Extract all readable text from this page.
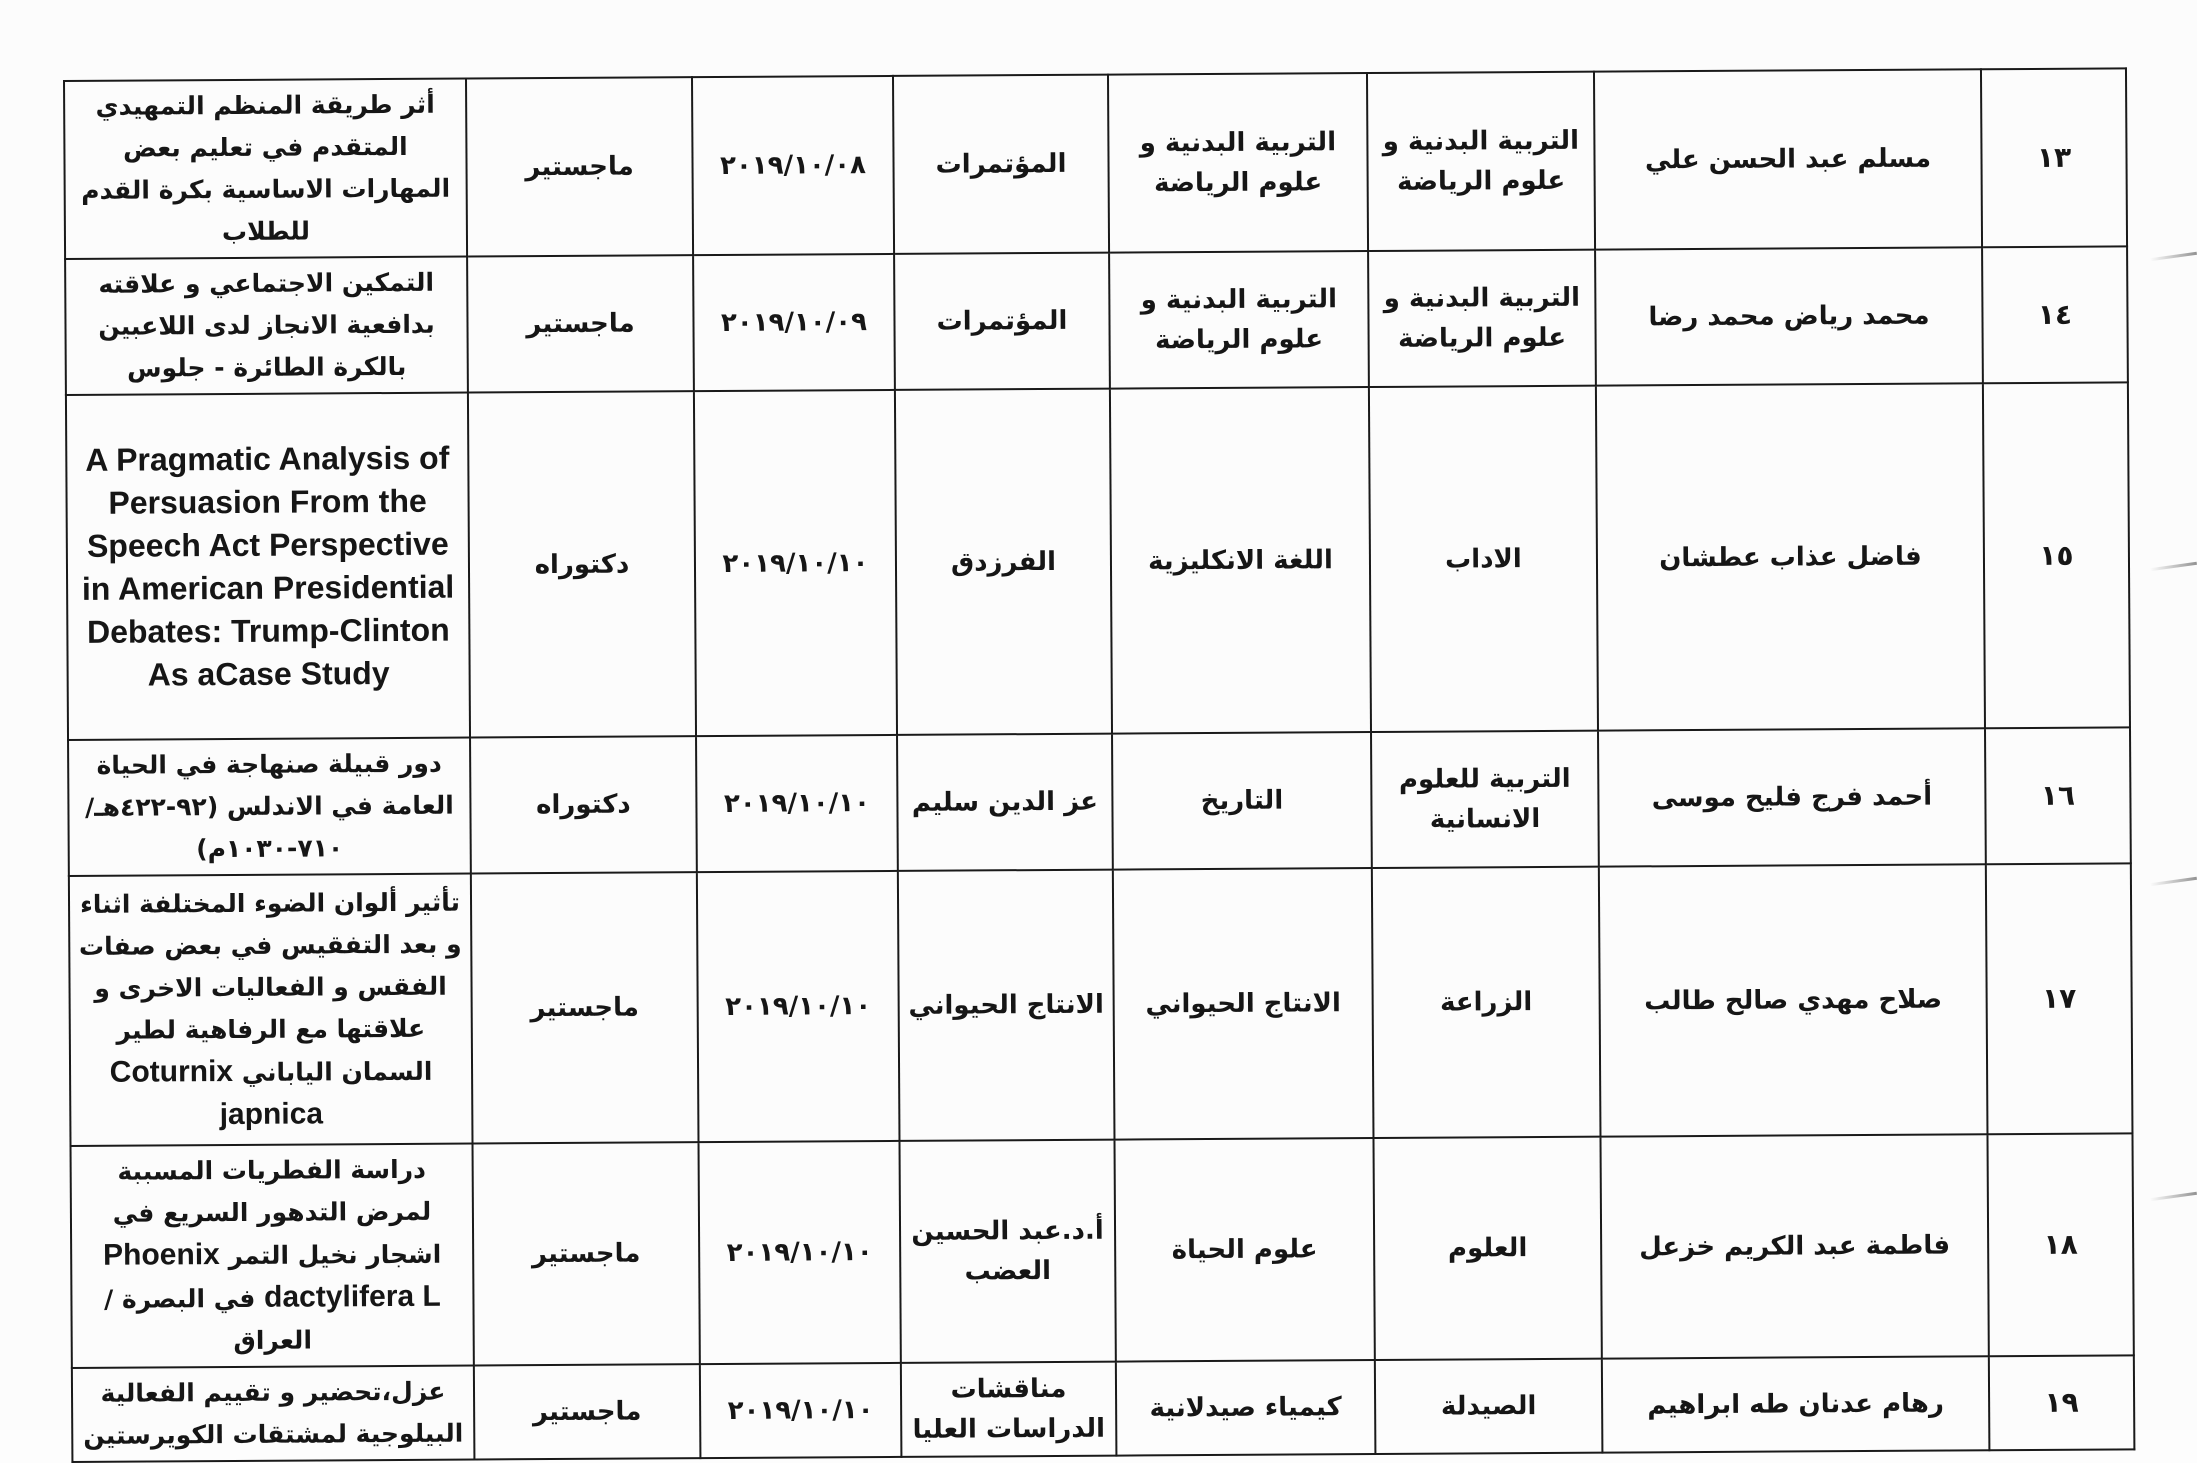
أثر طريقة المنظم التمهيدي المتقدم في تعليم بعض المهارات الاساسية بكرة القدم للطلاب	ماجستير	٢٠١٩/١٠/٠٨	المؤتمرات	التربية البدنية و علوم الرياضة	التربية البدنية و علوم الرياضة	مسلم عبد الحسن علي	١٣
التمكين الاجتماعي و علاقته بدافعية الانجاز لدى اللاعبين بالكرة الطائرة - جلوس	ماجستير	٢٠١٩/١٠/٠٩	المؤتمرات	التربية البدنية و علوم الرياضة	التربية البدنية و علوم الرياضة	محمد رياض محمد رضا	١٤
A Pragmatic Analysis of Persuasion From the Speech Act Perspective in American Presidential Debates: Trump-Clinton As aCase Study	دكتوراه	٢٠١٩/١٠/١٠	الفرزدق	اللغة الانكليزية	الاداب	فاضل عذاب عطشان	١٥
دور قبيلة صنهاجة في الحياة العامة في الاندلس (٩٢-٤٢٢هـ/٧١٠-١٠٣٠م)	دكتوراه	٢٠١٩/١٠/١٠	عز الدين سليم	التاريخ	التربية للعلوم الانسانية	أحمد فرج فليح موسى	١٦
تأثير ألوان الضوء المختلفة اثناء و بعد التفقيس في بعض صفات الفقس و الفعاليات الاخرى و علاقتها مع الرفاهية لطير السمان الياباني Coturnix japnica	ماجستير	٢٠١٩/١٠/١٠	الانتاج الحيواني	الانتاج الحيواني	الزراعة	صلاح مهدي صالح طالب	١٧
دراسة الفطريات المسببة لمرض التدهور السريع في اشجار نخيل التمر Phoenix dactylifera L في البصرة / العراق	ماجستير	٢٠١٩/١٠/١٠	أ.د.عبد الحسين العضب	علوم الحياة	العلوم	فاطمة عبد الكريم خزعل	١٨
عزل،تحضير و تقييم الفعالية البيلوجية لمشتقات الكويرستين	ماجستير	٢٠١٩/١٠/١٠	مناقشات الدراسات العليا	كيمياء صيدلانية	الصيدلة	رهام عدنان طه ابراهيم	١٩
